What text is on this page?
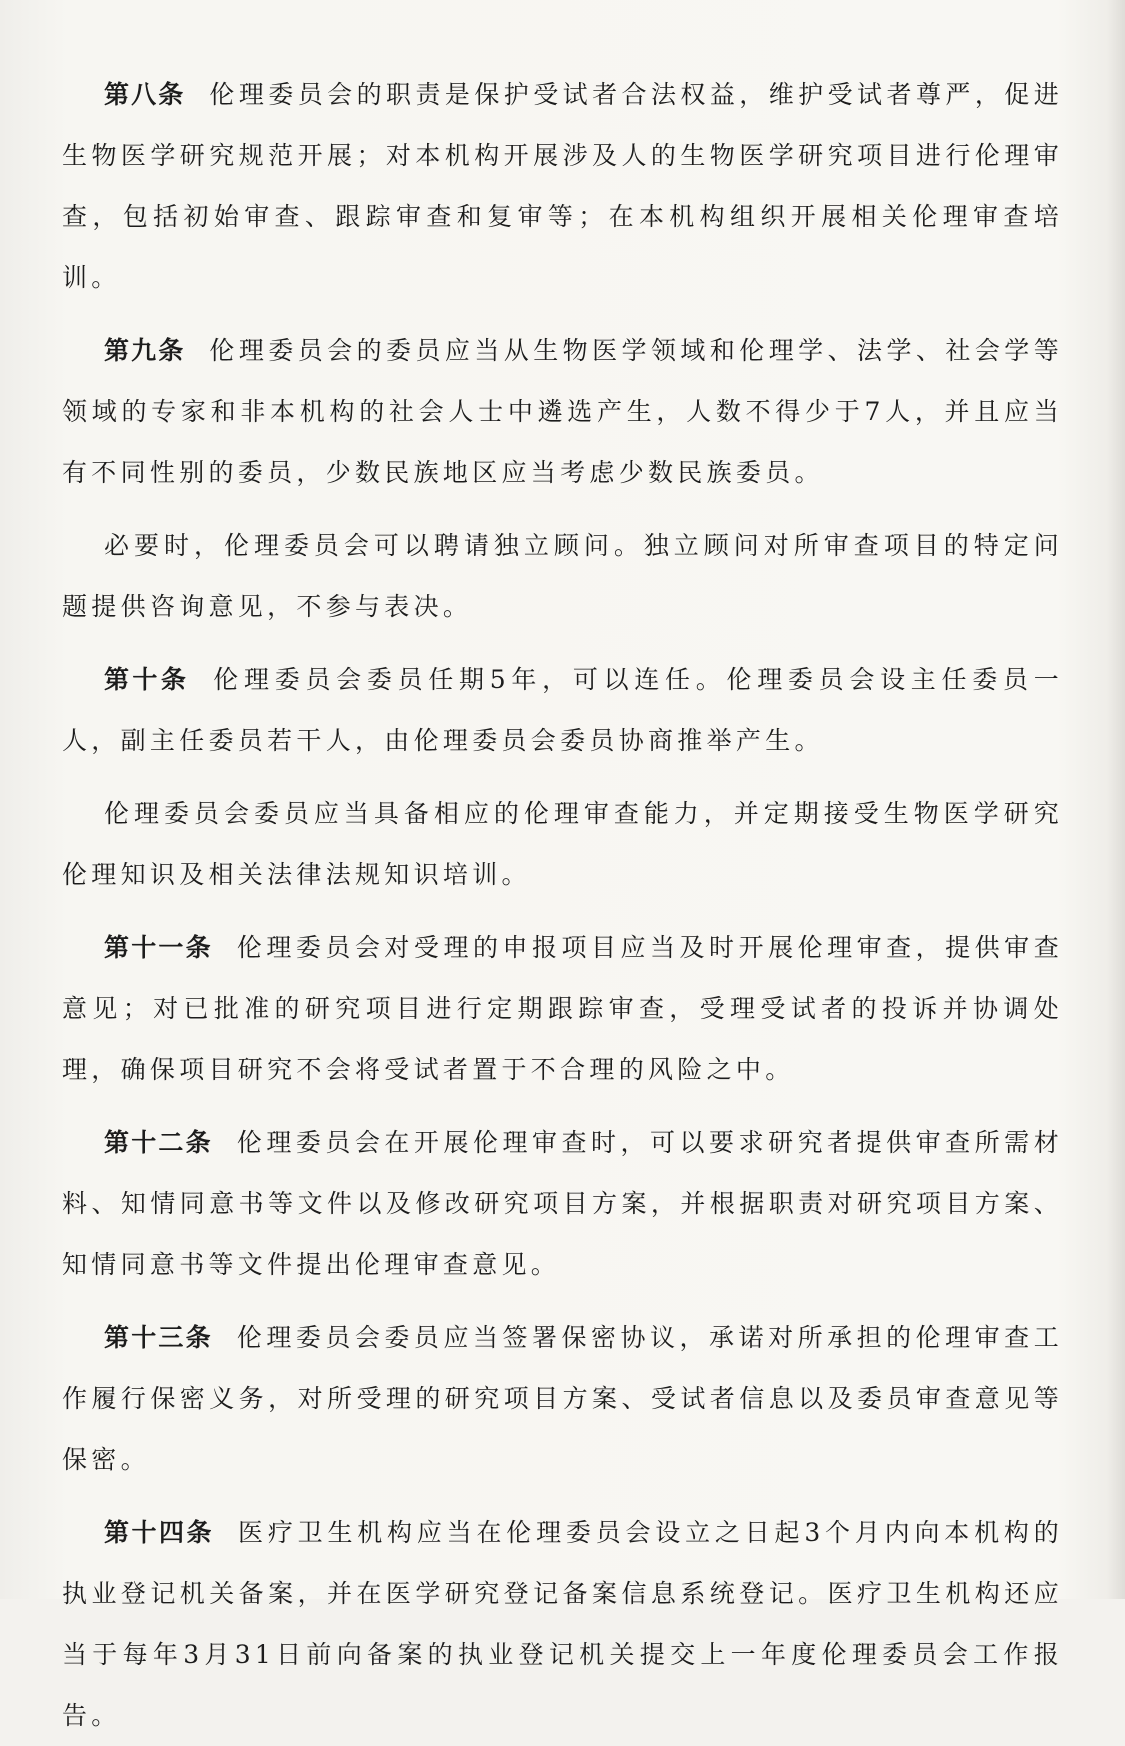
第八条 伦理委员会的职责是保护受试者合法权益，维护受试者尊严，促进生物医学研究规范开展；对本机构开展涉及人的生物医学研究项目进行伦理审查，包括初始审查、跟踪审查和复审等；在本机构组织开展相关伦理审查培训。

第九条 伦理委员会的委员应当从生物医学领域和伦理学、法学、社会学等领域的专家和非本机构的社会人士中遴选产生，人数不得少于7人，并且应当有不同性别的委员，少数民族地区应当考虑少数民族委员。

必要时，伦理委员会可以聘请独立顾问。独立顾问对所审查项目的特定问题提供咨询意见，不参与表决。

第十条 伦理委员会委员任期5年，可以连任。伦理委员会设主任委员一人，副主任委员若干人，由伦理委员会委员协商推举产生。

伦理委员会委员应当具备相应的伦理审查能力，并定期接受生物医学研究伦理知识及相关法律法规知识培训。

第十一条 伦理委员会对受理的申报项目应当及时开展伦理审查，提供审查意见；对已批准的研究项目进行定期跟踪审查，受理受试者的投诉并协调处理，确保项目研究不会将受试者置于不合理的风险之中。

第十二条 伦理委员会在开展伦理审查时，可以要求研究者提供审查所需材料、知情同意书等文件以及修改研究项目方案，并根据职责对研究项目方案、知情同意书等文件提出伦理审查意见。

第十三条 伦理委员会委员应当签署保密协议，承诺对所承担的伦理审查工作履行保密义务，对所受理的研究项目方案、受试者信息以及委员审查意见等保密。

第十四条 医疗卫生机构应当在伦理委员会设立之日起3个月内向本机构的执业登记机关备案，并在医学研究登记备案信息系统登记。医疗卫生机构还应当于每年3月31日前向备案的执业登记机关提交上一年度伦理委员会工作报告。
